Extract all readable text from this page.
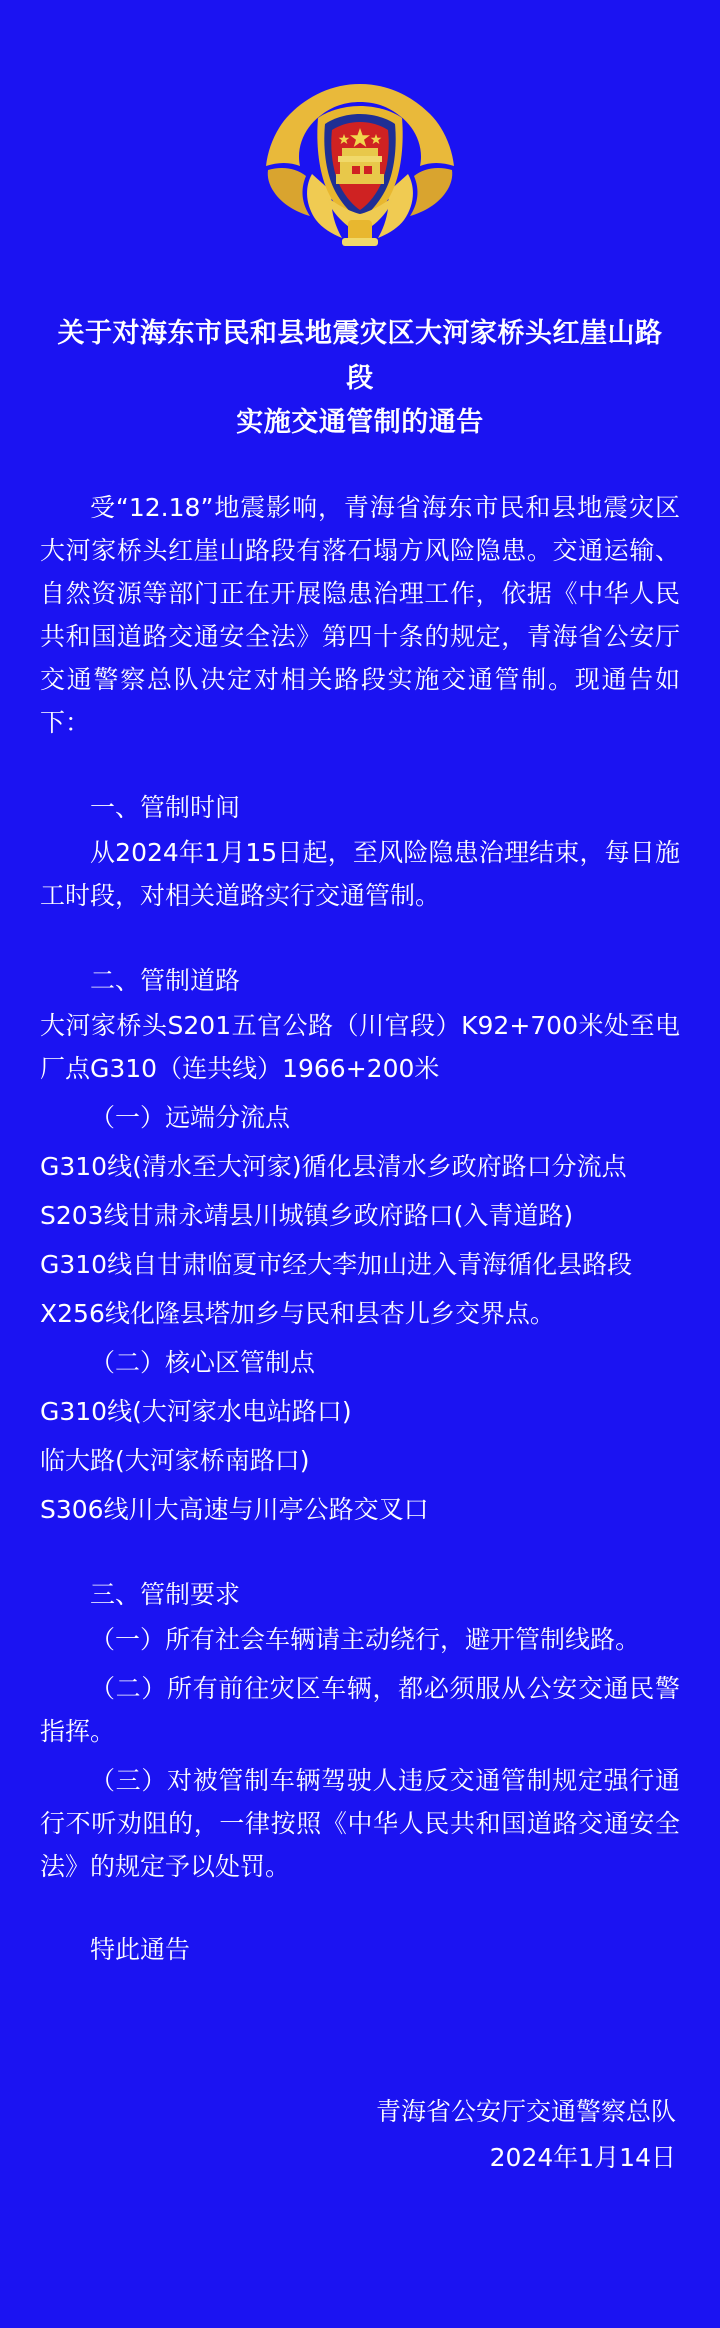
关于对海东市民和县地震灾区大河家桥头红崖山路段
实施交通管制的通告

受“12.18”地震影响，青海省海东市民和县地震灾区大河家桥头红崖山路段有落石塌方风险隐患。交通运输、自然资源等部门正在开展隐患治理工作，依据《中华人民共和国道路交通安全法》第四十条的规定，青海省公安厅交通警察总队决定对相关路段实施交通管制。现通告如下：

一、管制时间

从2024年1月15日起，至风险隐患治理结束，每日施工时段，对相关道路实行交通管制。

二、管制道路

大河家桥头S201五官公路（川官段）K92+700米处至电厂点G310（连共线）1966+200米

（一）远端分流点

G310线(清水至大河家)循化县清水乡政府路口分流点

S203线甘肃永靖县川城镇乡政府路口(入青道路)

G310线自甘肃临夏市经大李加山进入青海循化县路段

X256线化隆县塔加乡与民和县杏儿乡交界点。

（二）核心区管制点

G310线(大河家水电站路口)

临大路(大河家桥南路口)

S306线川大高速与川亭公路交叉口

三、管制要求

（一）所有社会车辆请主动绕行，避开管制线路。

（二）所有前往灾区车辆，都必须服从公安交通民警指挥。

（三）对被管制车辆驾驶人违反交通管制规定强行通行不听劝阻的，一律按照《中华人民共和国道路交通安全法》的规定予以处罚。

特此通告

青海省公安厅交通警察总队
2024年1月14日
